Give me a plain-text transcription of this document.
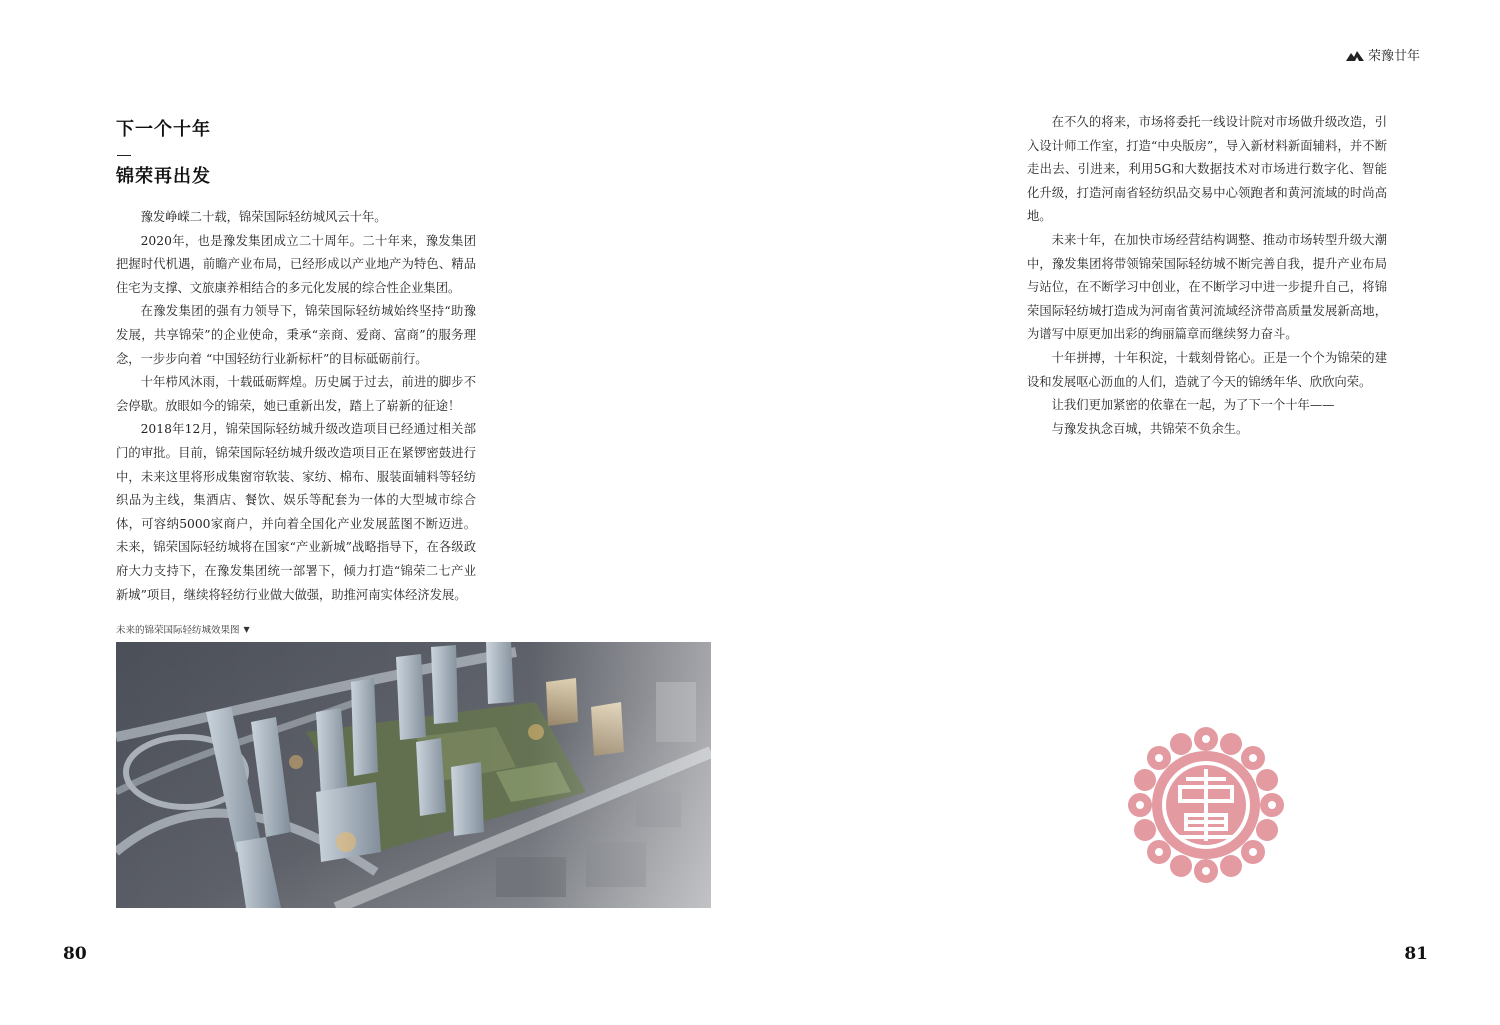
荣豫廿年
下一个十年
锦荣再出发

豫发峥嵘二十载，锦荣国际轻纺城风云十年。

2020年，也是豫发集团成立二十周年。二十年来，豫发集团把握时代机遇，前瞻产业布局，已经形成以产业地产为特色、精品住宅为支撑、文旅康养相结合的多元化发展的综合性企业集团。

在豫发集团的强有力领导下，锦荣国际轻纺城始终坚持“助豫发展，共享锦荣”的企业使命，秉承“亲商、爱商、富商”的服务理念，一步步向着 “中国轻纺行业新标杆”的目标砥砺前行。

十年栉风沐雨，十载砥砺辉煌。历史属于过去，前进的脚步不会停歇。放眼如今的锦荣，她已重新出发，踏上了崭新的征途！

2018年12月，锦荣国际轻纺城升级改造项目已经通过相关部门的审批。目前，锦荣国际轻纺城升级改造项目正在紧锣密鼓进行中，未来这里将形成集窗帘软装、家纺、棉布、服装面辅料等轻纺织品为主线，集酒店、餐饮、娱乐等配套为一体的大型城市综合体，可容纳5000家商户，并向着全国化产业发展蓝图不断迈进。未来，锦荣国际轻纺城将在国家“产业新城”战略指导下，在各级政府大力支持下，在豫发集团统一部署下，倾力打造“锦荣二七产业新城”项目，继续将轻纺行业做大做强，助推河南实体经济发展。

未来的锦荣国际轻纺城效果图 ▼

在不久的将来，市场将委托一线设计院对市场做升级改造，引入设计师工作室，打造“中央版房”，导入新材料新面辅料，并不断走出去、引进来，利用5G和大数据技术对市场进行数字化、智能化升级，打造河南省轻纺织品交易中心领跑者和黄河流域的时尚高地。

未来十年，在加快市场经营结构调整、推动市场转型升级大潮中，豫发集团将带领锦荣国际轻纺城不断完善自我，提升产业布局与站位，在不断学习中创业，在不断学习中进一步提升自己，将锦荣国际轻纺城打造成为河南省黄河流域经济带高质量发展新高地，为谱写中原更加出彩的绚丽篇章而继续努力奋斗。

十年拼搏，十年积淀，十载刻骨铭心。正是一个个为锦荣的建设和发展呕心沥血的人们，造就了今天的锦绣年华、欣欣向荣。

让我们更加紧密的依靠在一起，为了下一个十年——

与豫发执念百城，共锦荣不负余生。

80	81
